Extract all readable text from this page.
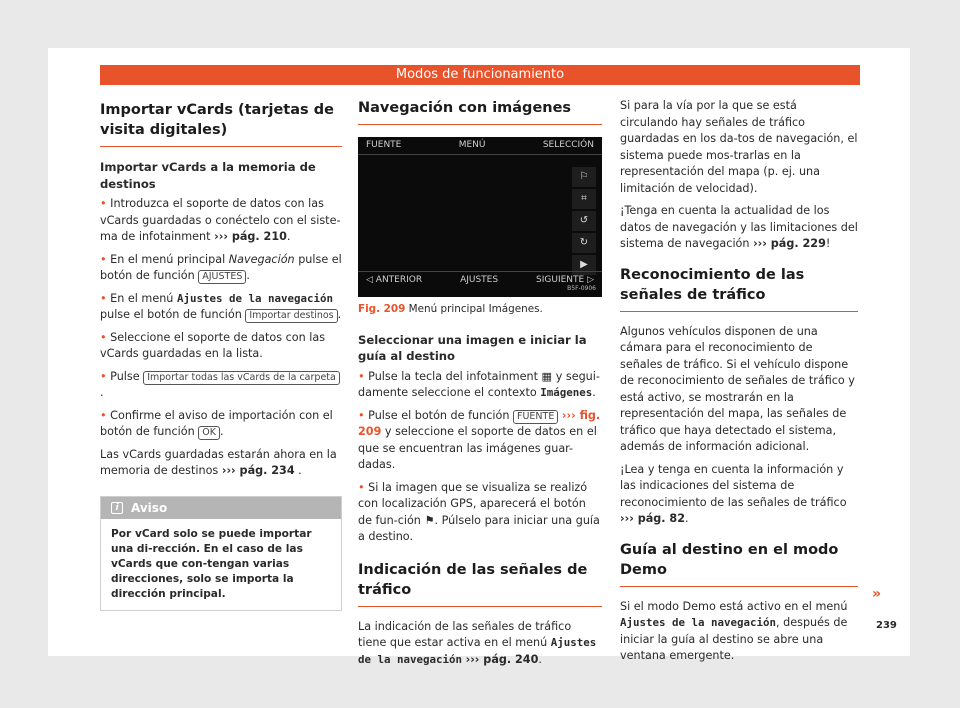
Modos de funcionamiento
Importar vCards (tarjetas de visita digitales)
Importar vCards a la memoria de destinos

• Introduzca el soporte de datos con las vCards guardadas o conéctelo con el siste-ma de infotainment ››› pág. 210.

• En el menú principal Navegación pulse el botón de función AJUSTES .

• En el menú Ajustes de la navegación pulse el botón de función Importar destinos .

• Seleccione el soporte de datos con las vCards guardadas en la lista.

• Pulse Importar todas las vCards de la carpeta.

• Confirme el aviso de importación con el botón de función OK .

Las vCards guardadas estarán ahora en la memoria de destinos ››› pág. 234 .

i	Aviso
Por vCard solo se puede importar una di-rección. En el caso de las vCards que con-tengan varias direcciones, solo se importa la dirección principal.
Navegación con imágenes
FUENTE	MENÚ	SELECCIÓN
⚐
⌗
↺
↻
▶
◁ ANTERIOR	AJUSTES	SIGUIENTE ▷
B5F-0906
Fig. 209 Menú principal Imágenes.
Seleccionar una imagen e iniciar la guía al destino

• Pulse la tecla del infotainment ▦ y segui-damente seleccione el contexto Imágenes.

• Pulse el botón de función FUENTE ››› fig. 209 y seleccione el soporte de datos en el que se encuentran las imágenes guar-dadas.

• Si la imagen que se visualiza se realizó con localización GPS, aparecerá el botón de fun-ción ⚑. Púlselo para iniciar una guía a destino.

Indicación de las señales de tráfico

La indicación de las señales de tráfico tiene que estar activa en el menú Ajustes de la navegación ››› pág. 240.

Si para la vía por la que se está circulando hay señales de tráfico guardadas en los da-tos de navegación, el sistema puede mos-trarlas en la representación del mapa (p. ej. una limitación de velocidad).

¡Tenga en cuenta la actualidad de los datos de navegación y las limitaciones del sistema de navegación ››› pág. 229!

Reconocimiento de las señales de tráfico

Algunos vehículos disponen de una cámara para el reconocimiento de señales de tráfico. Si el vehículo dispone de reconocimiento de señales de tráfico y está activo, se mostrarán en la representación del mapa, las señales de tráfico que haya detectado el sistema, además de información adicional.

¡Lea y tenga en cuenta la información y las indicaciones del sistema de reconocimiento de las señales de tráfico ››› pág. 82.

Guía al destino en el modo Demo

Si el modo Demo está activo en el menú Ajustes de la navegación, después de iniciar la guía al destino se abre una ventana emergente.

»
239
